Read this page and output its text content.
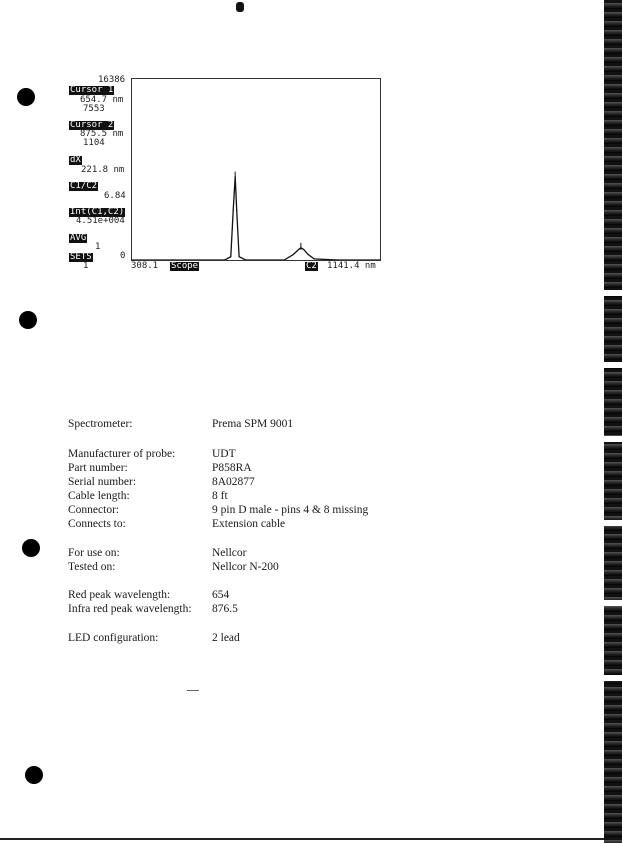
16386
Cursor 1
654.7 nm
7553
Cursor 2
875.5 nm
1104
dX
221.8 nm
C1/C2
6.84
Int(C1,C2)
4.51e+004
AVG
1
SETS
1
0
308.1 Scope	C2 1141.4 nm
Spectrometer:	Prema SPM 9001
Manufacturer of probe:	UDT
Part number:	P858RA
Serial number:	8A02877
Cable length:	8 ft
Connector:	9 pin D male - pins 4 & 8 missing
Connects to:	Extension cable
For use on:	Nellcor
Tested on:	Nellcor N-200
Red peak wavelength:	654
Infra red peak wavelength: 876.5
LED configuration:	2 lead
